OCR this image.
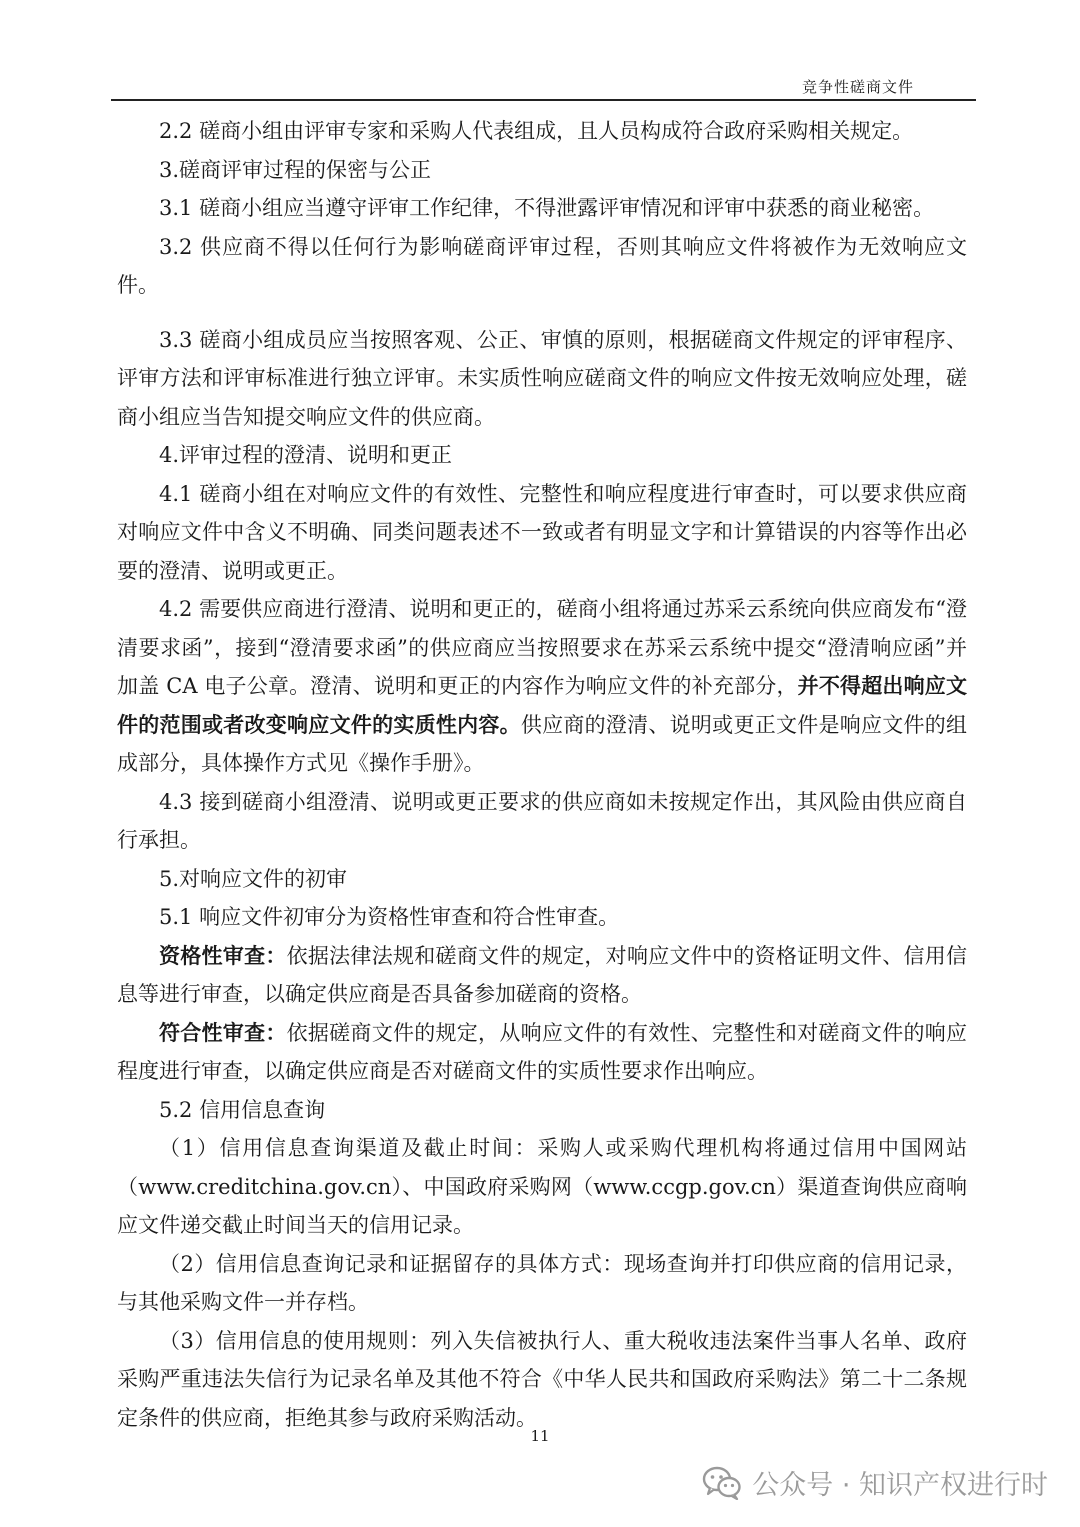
竞争性磋商文件

2.2 磋商小组由评审专家和采购人代表组成，且人员构成符合政府采购相关规定。

3.磋商评审过程的保密与公正

3.1 磋商小组应当遵守评审工作纪律，不得泄露评审情况和评审中获悉的商业秘密。

3.2 供应商不得以任何行为影响磋商评审过程，否则其响应文件将被作为无效响应文件。

3.3 磋商小组成员应当按照客观、公正、审慎的原则，根据磋商文件规定的评审程序、评审方法和评审标准进行独立评审。未实质性响应磋商文件的响应文件按无效响应处理，磋商小组应当告知提交响应文件的供应商。

4.评审过程的澄清、说明和更正

4.1 磋商小组在对响应文件的有效性、完整性和响应程度进行审查时，可以要求供应商对响应文件中含义不明确、同类问题表述不一致或者有明显文字和计算错误的内容等作出必要的澄清、说明或更正。

4.2 需要供应商进行澄清、说明和更正的，磋商小组将通过苏采云系统向供应商发布“澄清要求函”，接到“澄清要求函”的供应商应当按照要求在苏采云系统中提交“澄清响应函”并加盖 CA 电子公章。澄清、说明和更正的内容作为响应文件的补充部分，并不得超出响应文件的范围或者改变响应文件的实质性内容。供应商的澄清、说明或更正文件是响应文件的组成部分，具体操作方式见《操作手册》。

4.3 接到磋商小组澄清、说明或更正要求的供应商如未按规定作出，其风险由供应商自行承担。

5.对响应文件的初审

5.1 响应文件初审分为资格性审查和符合性审查。

资格性审查：依据法律法规和磋商文件的规定，对响应文件中的资格证明文件、信用信息等进行审查，以确定供应商是否具备参加磋商的资格。

符合性审查：依据磋商文件的规定，从响应文件的有效性、完整性和对磋商文件的响应程度进行审查，以确定供应商是否对磋商文件的实质性要求作出响应。

5.2 信用信息查询

（1）信用信息查询渠道及截止时间：采购人或采购代理机构将通过信用中国网站（www.creditchina.gov.cn）、中国政府采购网（www.ccgp.gov.cn）渠道查询供应商响应文件递交截止时间当天的信用记录。

（2）信用信息查询记录和证据留存的具体方式：现场查询并打印供应商的信用记录，与其他采购文件一并存档。

（3）信用信息的使用规则：列入失信被执行人、重大税收违法案件当事人名单、政府采购严重违法失信行为记录名单及其他不符合《中华人民共和国政府采购法》第二十二条规定条件的供应商，拒绝其参与政府采购活动。

11
公众号 · 知识产权进行时
